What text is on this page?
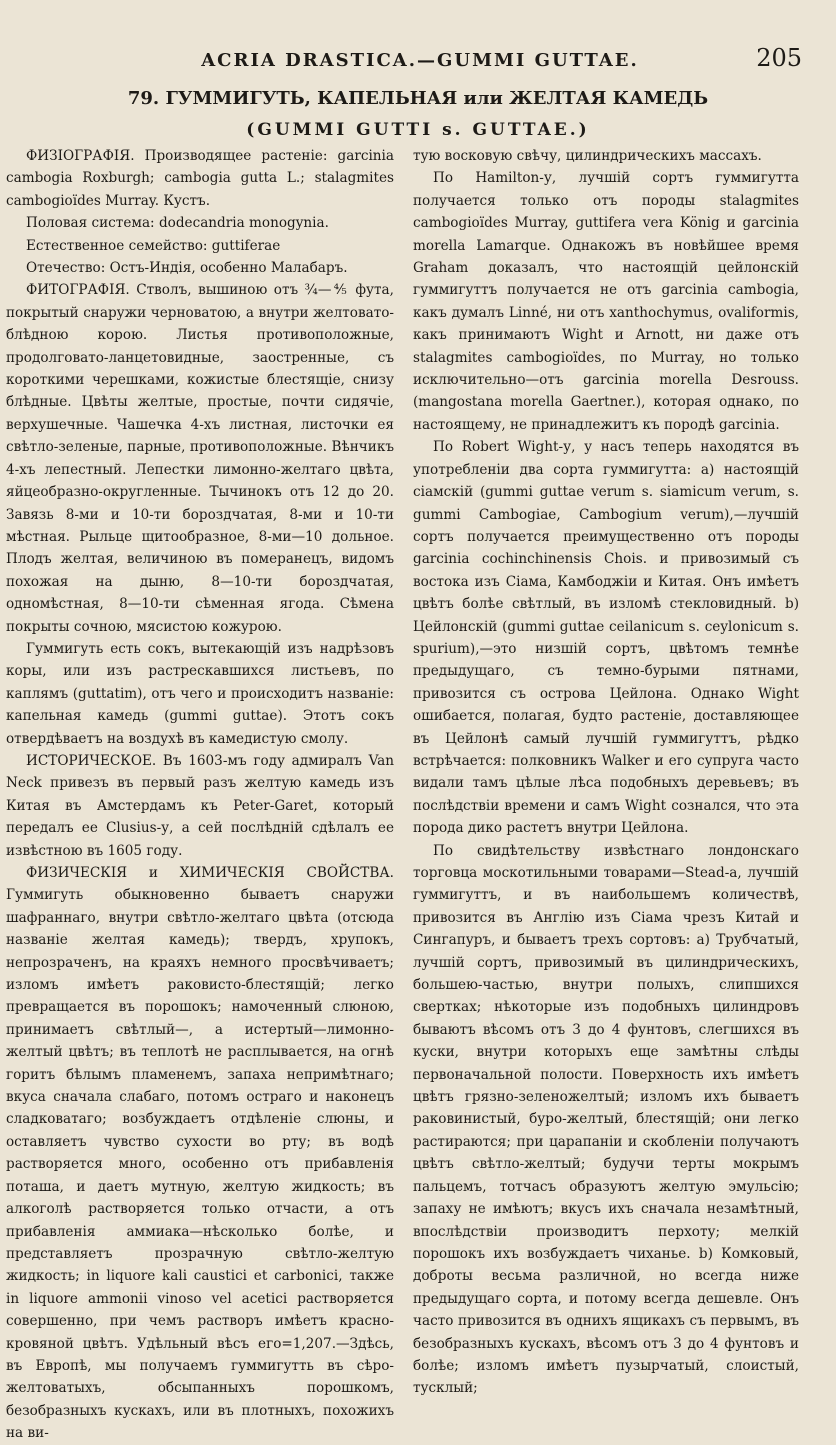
ACRIA DRASTICA.—GUMMI GUTTAE.	205
79. ГУММИГУТЬ, КАПЕЛЬНАЯ или ЖЕЛТАЯ КАМЕДЬ
(GUMMI GUTTI s. GUTTAE.)

ФИЗІОГРАФІЯ. Производящее растеніе: garcinia cambogia Roxburgh; cambogia gutta L.; stalagmites cambogioïdes Murray. Кустъ.

Половая система: dodecandria monogynia.

Естественное семейство: guttiferae

Отечество: Остъ-Индія, особенно Малабаръ.

ФИТОГРАФІЯ. Стволъ, вышиною отъ ¾—⅘ фута, покрытый снаружи черноватою, а внутри желтовато-блѣдною корою. Листья противоположные, продолговато-ланцетовидные, заостренные, съ короткими черешками, кожистые блестящіе, снизу блѣдные. Цвѣты желтые, простые, почти сидячіе, верхушечные. Чашечка 4-хъ листная, листочки ея свѣтло-зеленые, парные, противоположные. Вѣнчикъ 4-хъ лепестный. Лепестки лимонно-желтаго цвѣта, яйцеобразно-округленные. Тычинокъ отъ 12 до 20. Завязь 8-ми и 10-ти бороздчатая, 8-ми и 10-ти мѣстная. Рыльце щитообразное, 8-ми—10 дольное. Плодъ желтая, величиною въ померанецъ, видомъ похожая на дыню, 8—10-ти бороздчатая, одномѣстная, 8—10-ти сѣменная ягода. Сѣмена покрыты сочною, мясистою кожурою.

Гуммигуть есть сокъ, вытекающій изъ надрѣзовъ коры, или изъ растрескавшихся листьевъ, по каплямъ (guttatim), отъ чего и происходитъ названіе: капельная камедь (gummi guttae). Этотъ сокъ отвердѣваетъ на воздухѣ въ камедистую смолу.

ИСТОРИЧЕСКОЕ. Въ 1603-мъ году адмиралъ Van Neck привезъ въ первый разъ желтую камедь изъ Китая въ Амстердамъ къ Peter-Garet, который передалъ ее Clusius-у, а сей послѣдній сдѣлалъ ее извѣстною въ 1605 году.

ФИЗИЧЕСКІЯ и ХИМИЧЕСКІЯ СВОЙСТВА. Гуммигуть обыкновенно бываетъ снаружи шафраннаго, внутри свѣтло-желтаго цвѣта (отсюда названіе желтая камедь); твердъ, хрупокъ, непрозраченъ, на краяхъ немного просвѣчиваетъ; изломъ имѣетъ раковисто-блестящій; легко превращается въ порошокъ; намоченный слюною, принимаетъ свѣтлый—, а истертый—лимонно-желтый цвѣтъ; въ теплотѣ не расплывается, на огнѣ горитъ бѣлымъ пламенемъ, запаха непримѣтнаго; вкуса сначала слабаго, потомъ остраго и наконецъ сладковатаго; возбуждаетъ отдѣленіе слюны, и оставляетъ чувство сухости во рту; въ водѣ растворяется много, особенно отъ прибавленія поташа, и даетъ мутную, желтую жидкость; въ алкоголѣ растворяется только отчасти, а отъ прибавленія аммиака—нѣсколько болѣе, и представляетъ прозрачную свѣтло-желтую жидкость; in liquore kali caustici et carbonici, также in liquore ammonii vinoso vel acetici растворяется совершенно, при чемъ растворъ имѣетъ красно-кровяной цвѣтъ. Удѣльный вѣсъ его=1,207.—Здѣсь, въ Европѣ, мы получаемъ гуммигутть въ сѣро-желтоватыхъ, обсыпанныхъ порошкомъ, безобразныхъ кускахъ, или въ плотныхъ, похожихъ на ви-

тую восковую свѣчу, цилиндрическихъ массахъ.

По Hamilton-у, лучшій сортъ гуммигутта получается только отъ породы stalagmites cambogioïdes Murray, guttifera vera König и garcinia morella Lamarque. Однакожъ въ новѣйшее время Graham доказалъ, что настоящій цейлонскій гуммигуттъ получается не отъ garcinia cambogia, какъ думалъ Linné, ни отъ xanthochymus, ovaliformis, какъ принимаютъ Wight и Arnott, ни даже отъ stalagmites cambogioïdes, по Murray, но только исключительно—отъ garcinia morella Desrouss. (mangostana morella Gaertner.), которая однако, по настоящему, не принадлежитъ къ породѣ garcinia.

По Robert Wight-у, у насъ теперь находятся въ употребленіи два сорта гуммигутта: a) настоящій сіамскій (gummi guttae verum s. siamicum verum, s. gummi Cambogiae, Cambogium verum),—лучшій сортъ получается преимущественно отъ породы garcinia cochinchinensis Chois. и привозимый съ востока изъ Сіама, Камбоджіи и Китая. Онъ имѣетъ цвѣтъ болѣе свѣтлый, въ изломѣ стекловидный. b) Цейлонскій (gummi guttae ceilanicum s. ceylonicum s. spurium),—это низшій сортъ, цвѣтомъ темнѣе предыдущаго, съ темно-бурыми пятнами, привозится съ острова Цейлона. Однако Wight ошибается, полагая, будто растеніе, доставляющее въ Цейлонѣ самый лучшій гуммигуттъ, рѣдко встрѣчается: полковникъ Walker и его супруга часто видали тамъ цѣлые лѣса подобныхъ деревьевъ; въ послѣдствіи времени и самъ Wight сознался, что эта порода дико растетъ внутри Цейлона.

По свидѣтельству извѣстнаго лондонскаго торговца москотильными товарами—Stead-а, лучшій гуммигуттъ, и въ наибольшемъ количествѣ, привозится въ Англію изъ Сіама чрезъ Китай и Сингапуръ, и бываетъ трехъ сортовъ: a) Трубчатый, лучшій сортъ, привозимый въ цилиндрическихъ, большею-частью, внутри полыхъ, слипшихся свертках; нѣкоторые изъ подобныхъ цилиндровъ бываютъ вѣсомъ отъ 3 до 4 фунтовъ, слегшихся въ куски, внутри которыхъ еще замѣтны слѣды первоначальной полости. Поверхность ихъ имѣетъ цвѣтъ грязно-зеленожелтый; изломъ ихъ бываетъ раковинистый, буро-желтый, блестящій; они легко растираются; при царапаніи и скобленіи получаютъ цвѣтъ свѣтло-желтый; будучи терты мокрымъ пальцемъ, тотчасъ образуютъ желтую эмульсію; запаху не имѣютъ; вкусъ ихъ сначала незамѣтный, впослѣдствіи производитъ перхоту; мелкій порошокъ ихъ возбуждаетъ чиханье. b) Комковый, доброты весьма различной, но всегда ниже предыдущаго сорта, и потому всегда дешевле. Онъ часто привозится въ однихъ ящикахъ съ первымъ, въ безобразныхъ кускахъ, вѣсомъ отъ 3 до 4 фунтовъ и болѣе; изломъ имѣетъ пузырчатый, слоистый, тусклый;
